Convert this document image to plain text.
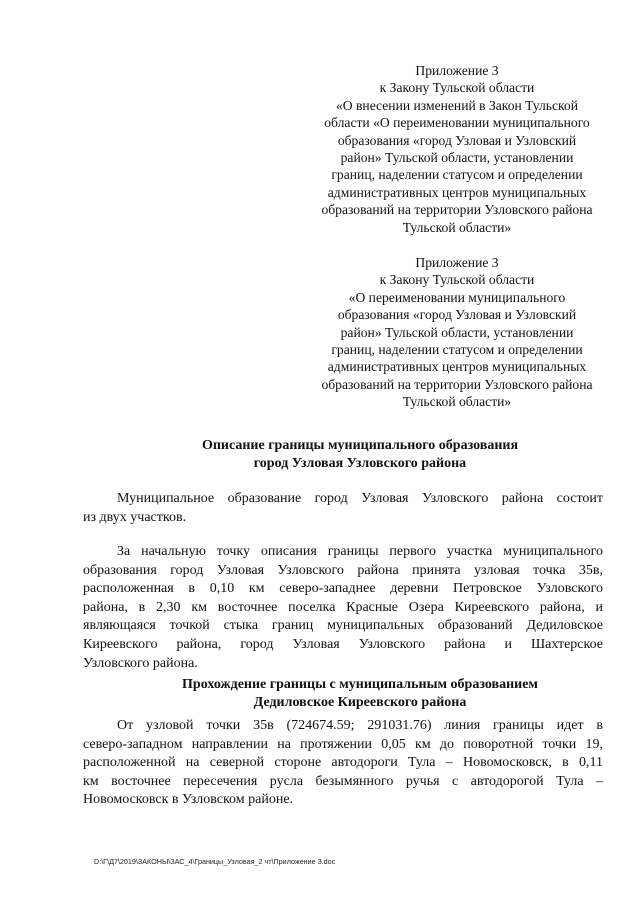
Приложение 3
к Закону Тульской области
«О внесении изменений в Закон Тульской
области «О переименовании муниципального
образования «город Узловая и Узловский
район» Тульской области, установлении
границ, наделении статусом и определении
административных центров муниципальных
образований на территории Узловского района
Тульской области»
Приложение 3
к Закону Тульской области
«О переименовании муниципального
образования «город Узловая и Узловский
район» Тульской области, установлении
границ, наделении статусом и определении
административных центров муниципальных
образований на территории Узловского района
Тульской области»
Описание границы муниципального образования
город Узловая Узловского района
Муниципальное образование город Узловая Узловского района состоит
из двух участков.
За начальную точку описания границы первого участка муниципального
образования город Узловая Узловского района принята узловая точка 35в,
расположенная в 0,10 км северо-западнее деревни Петровское Узловского
района, в 2,30 км восточнее поселка Красные Озера Киреевского района, и
являющаяся точкой стыка границ муниципальных образований Дедиловское
Киреевского района, город Узловая Узловского района и Шахтерское
Узловского района.
Прохождение границы с муниципальным образованием
Дедиловское Киреевского района
От узловой точки 35в (724674.59; 291031.76) линия границы идет в
северо-западном направлении на протяжении 0,05 км до поворотной точки 19,
расположенной на северной стороне автодороги Тула – Новомосковск, в 0,11
км восточнее пересечения русла безымянного ручья с автодорогой Тула –
Новомосковск в Узловском районе.
D:\Г\Д7\2019\ЗАКОНЫ\ЗАС_4\Границы_Узловая_2 чт\Приложение 3.doc
